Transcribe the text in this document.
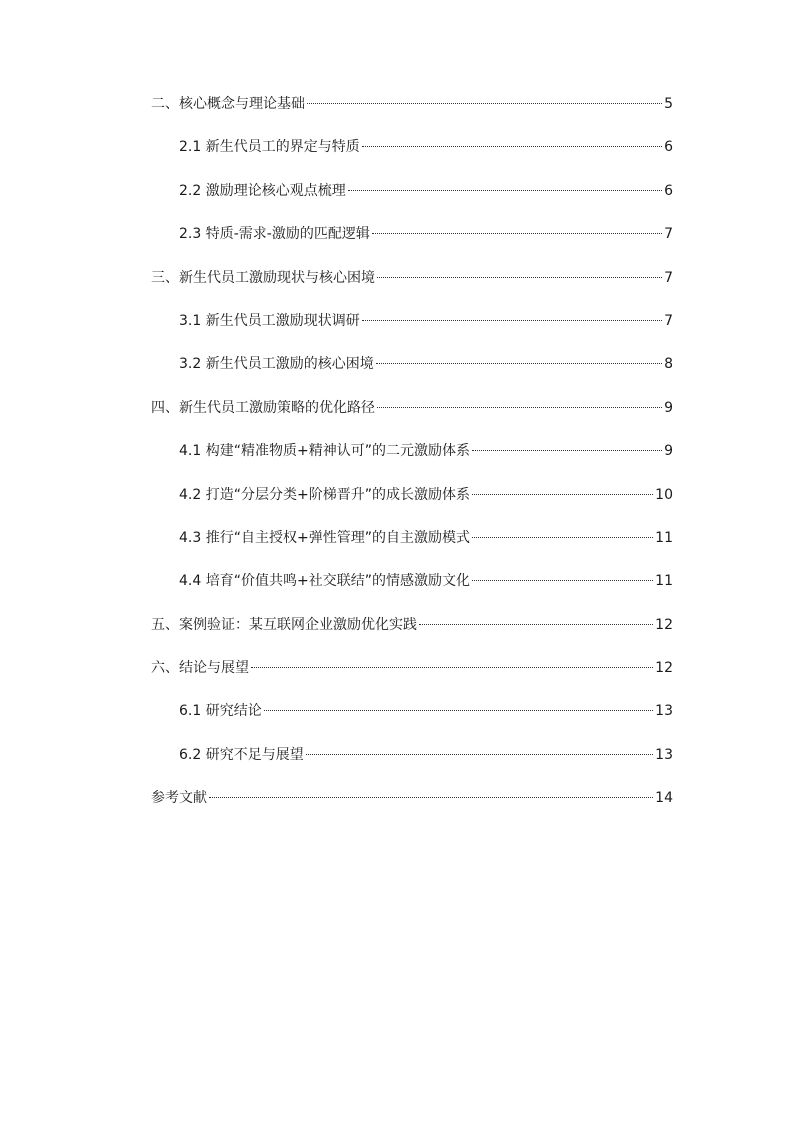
二、核心概念与理论基础	5
2.1 新生代员工的界定与特质	6
2.2 激励理论核心观点梳理	6
2.3 特质-需求-激励的匹配逻辑	7
三、新生代员工激励现状与核心困境	7
3.1 新生代员工激励现状调研	7
3.2 新生代员工激励的核心困境	8
四、新生代员工激励策略的优化路径	9
4.1 构建“精准物质+精神认可”的二元激励体系	9
4.2 打造“分层分类+阶梯晋升”的成长激励体系	10
4.3 推行“自主授权+弹性管理”的自主激励模式	11
4.4 培育“价值共鸣+社交联结”的情感激励文化	11
五、案例验证：某互联网企业激励优化实践	12
六、结论与展望	12
6.1 研究结论	13
6.2 研究不足与展望	13
参考文献	14
